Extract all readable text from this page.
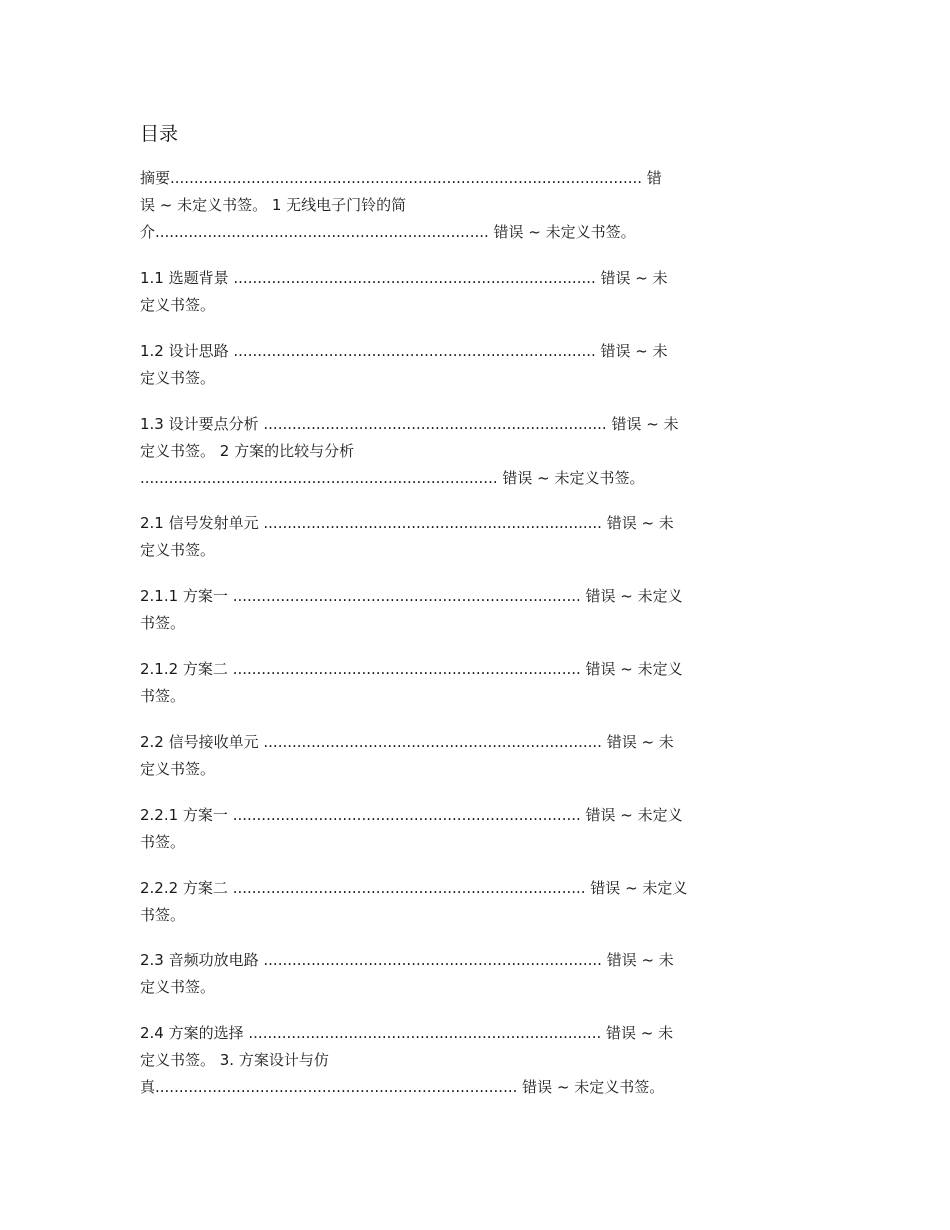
目录
摘要................................................................................................... 错
误 ~ 未定义书签。 1 无线电子门铃的简
介...................................................................... 错误 ~ 未定义书签。
1.1 选题背景 ............................................................................ 错误 ~ 未
定义书签。
1.2 设计思路 ............................................................................ 错误 ~ 未
定义书签。
1.3 设计要点分析 ........................................................................ 错误 ~ 未
定义书签。 2 方案的比较与分析
........................................................................... 错误 ~ 未定义书签。
2.1 信号发射单元 ....................................................................... 错误 ~ 未
定义书签。
2.1.1 方案一 ......................................................................... 错误 ~ 未定义
书签。
2.1.2 方案二 ......................................................................... 错误 ~ 未定义
书签。
2.2 信号接收单元 ....................................................................... 错误 ~ 未
定义书签。
2.2.1 方案一 ......................................................................... 错误 ~ 未定义
书签。
2.2.2 方案二 .......................................................................... 错误 ~ 未定义
书签。
2.3 音频功放电路 ....................................................................... 错误 ~ 未
定义书签。
2.4 方案的选择 .......................................................................... 错误 ~ 未
定义书签。 3. 方案设计与仿
真............................................................................ 错误 ~ 未定义书签。
